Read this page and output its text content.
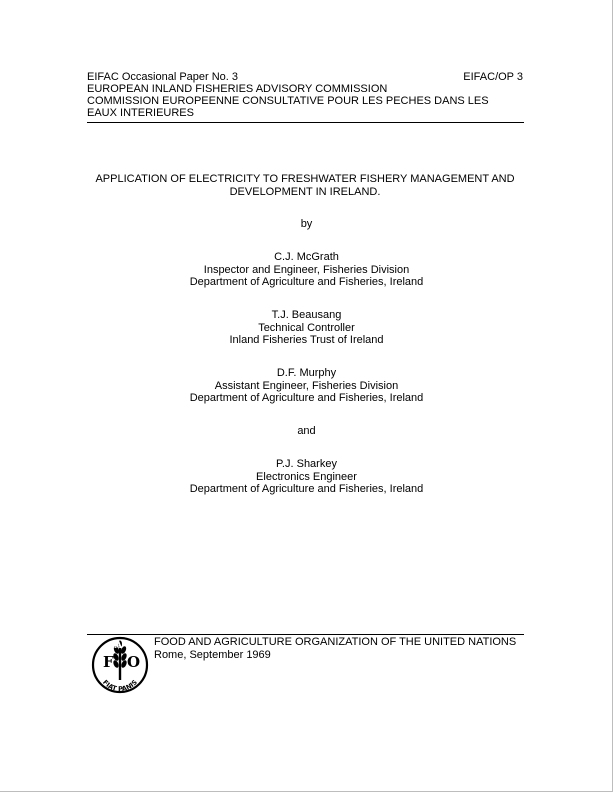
EIFAC Occasional Paper No. 3	EIFAC/OP 3
EUROPEAN INLAND FISHERIES ADVISORY COMMISSION
COMMISSION EUROPEENNE CONSULTATIVE POUR LES PECHES DANS LES
EAUX INTERIEURES
APPLICATION OF ELECTRICITY TO FRESHWATER FISHERY MANAGEMENT AND
DEVELOPMENT IN IRELAND.
by
C.J. McGrath
Inspector and Engineer, Fisheries Division
Department of Agriculture and Fisheries, Ireland
T.J. Beausang
Technical Controller
Inland Fisheries Trust of Ireland
D.F. Murphy
Assistant Engineer, Fisheries Division
Department of Agriculture and Fisheries, Ireland
and
P.J. Sharkey
Electronics Engineer
Department of Agriculture and Fisheries, Ireland
F
A
O
FIAT PANIS
FOOD AND AGRICULTURE ORGANIZATION OF THE UNITED NATIONS
Rome, September 1969
